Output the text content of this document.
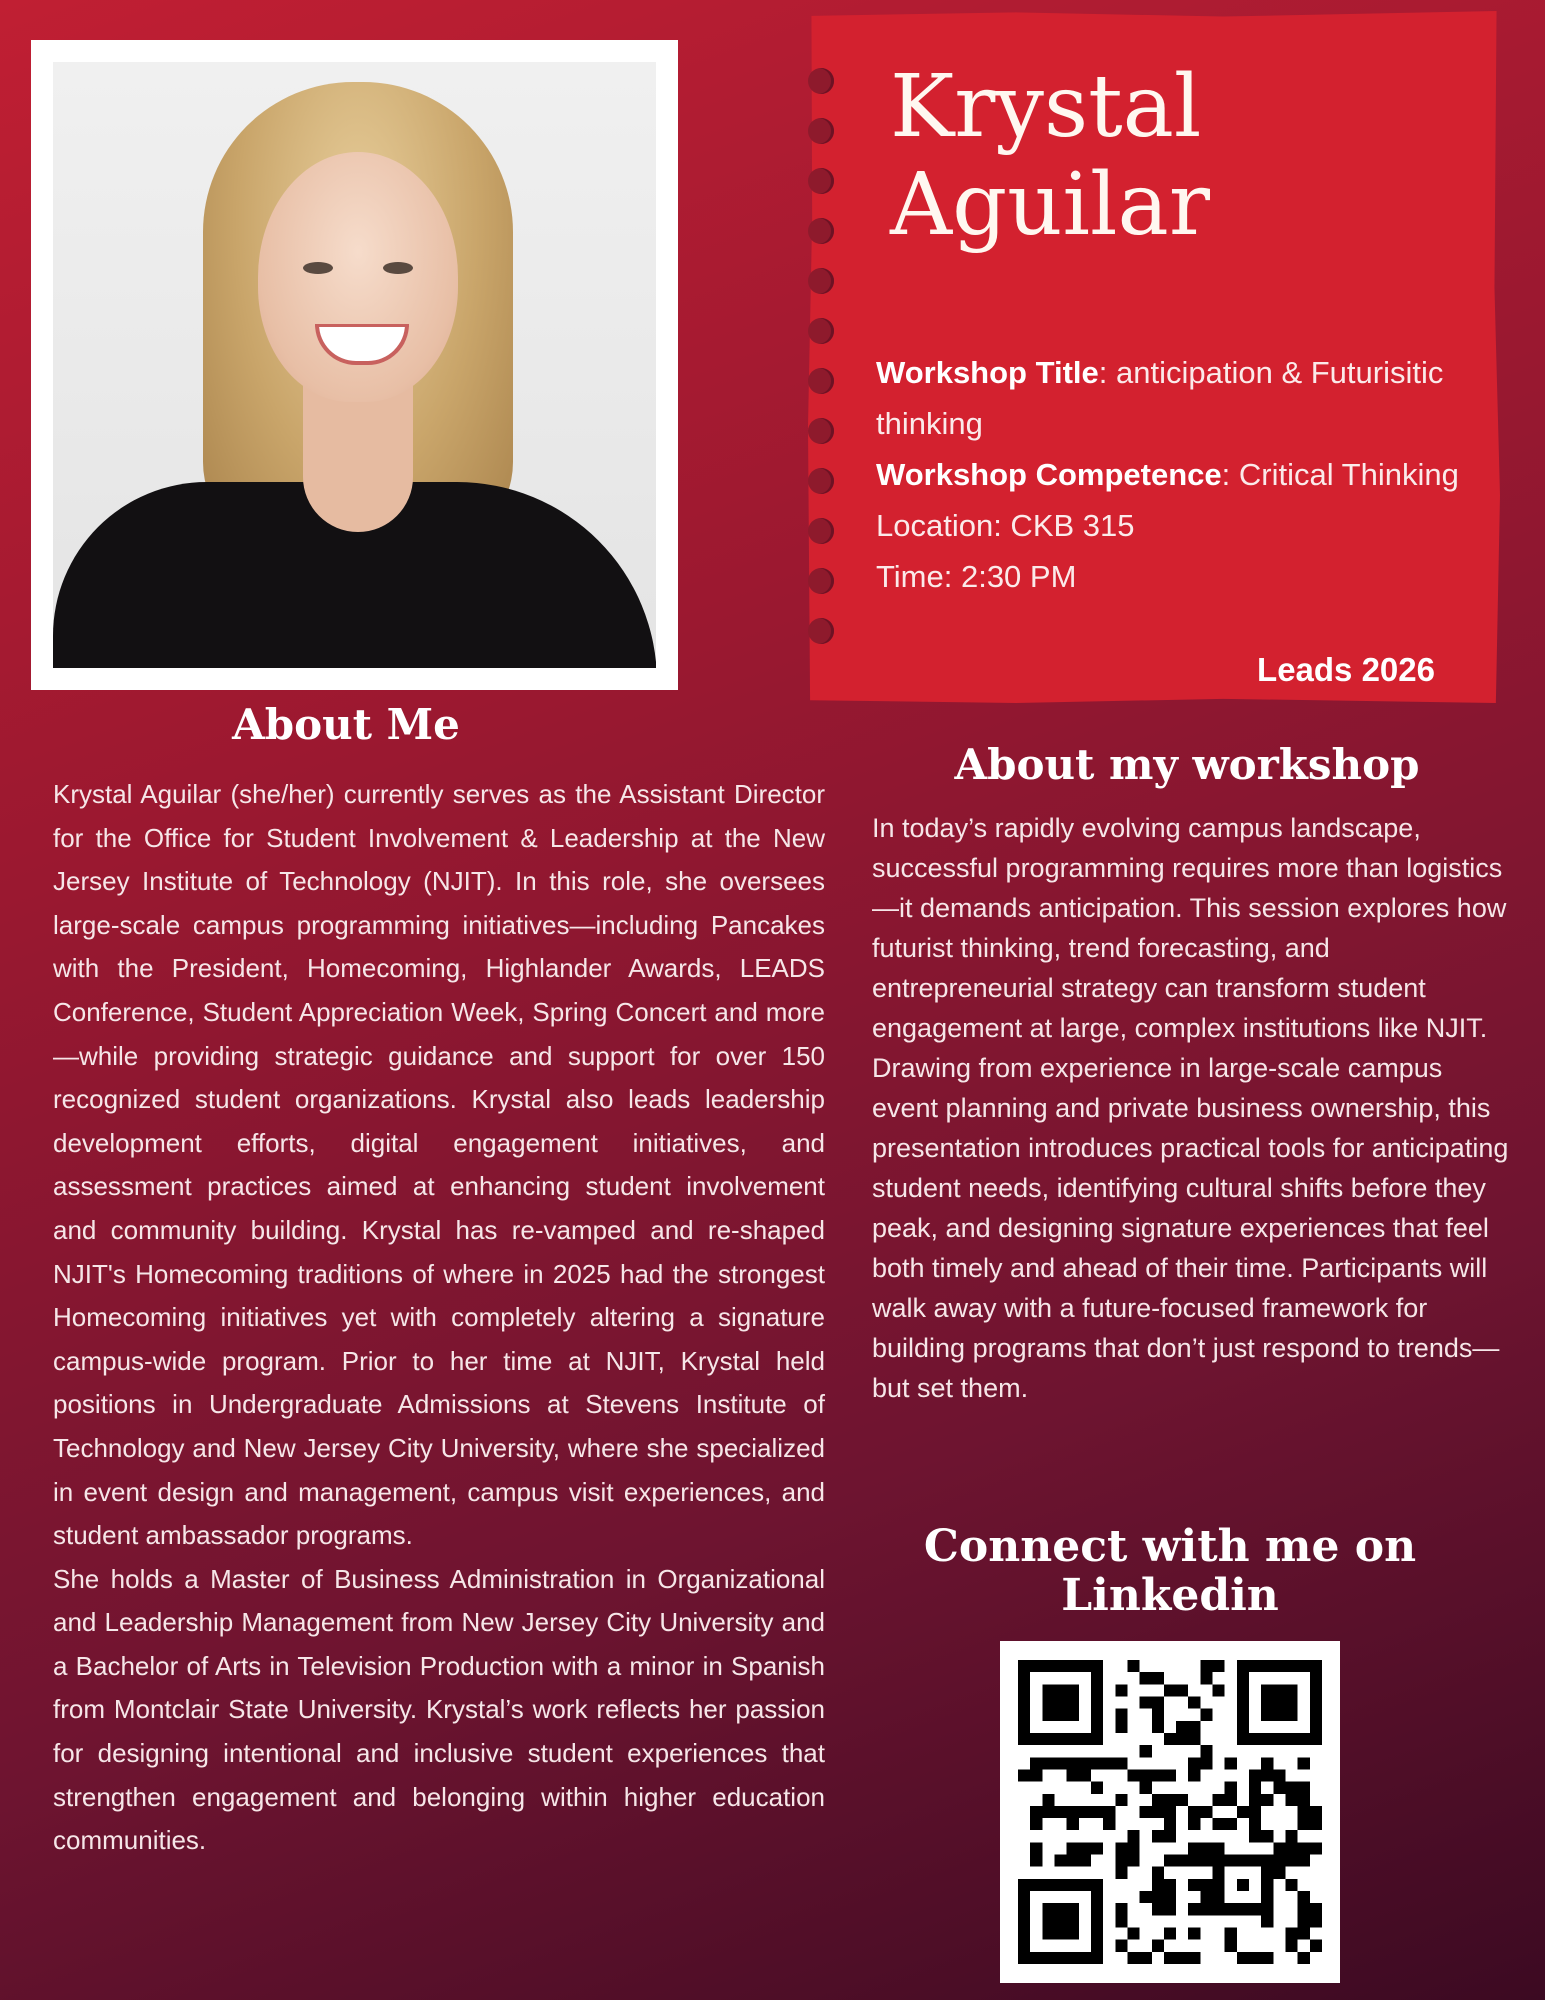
Krystal
Aguilar
Workshop Title: anticipation & Futurisitic thinking
Workshop Competence: Critical Thinking
Location: CKB 315
Time: 2:30 PM
Leads 2026
About Me

Krystal Aguilar (she/her) currently serves as the Assistant Director for the Office for Student Involvement & Leadership at the New Jersey Institute of Technology (NJIT). In this role, she oversees large-scale campus programming initiatives—including Pancakes with the President, Homecoming, Highlander Awards, LEADS Conference, Student Appreciation Week, Spring Concert and more—while providing strategic guidance and support for over 150 recognized student organizations. Krystal also leads leadership development efforts, digital engagement initiatives, and assessment practices aimed at enhancing student involvement and community building. Krystal has re-vamped and re-shaped NJIT's Homecoming traditions of where in 2025 had the strongest Homecoming initiatives yet with completely altering a signature campus-wide program. Prior to her time at NJIT, Krystal held positions in Undergraduate Admissions at Stevens Institute of Technology and New Jersey City University, where she specialized in event design and management, campus visit experiences, and student ambassador programs.

She holds a Master of Business Administration in Organizational and Leadership Management from New Jersey City University and a Bachelor of Arts in Television Production with a minor in Spanish from Montclair State University. Krystal’s work reflects her passion for designing intentional and inclusive student experiences that strengthen engagement and belonging within higher education communities.

About my workshop
In today’s rapidly evolving campus landscape, successful programming requires more than logistics—it demands anticipation. This session explores how futurist thinking, trend forecasting, and entrepreneurial strategy can transform student engagement at large, complex institutions like NJIT. Drawing from experience in large-scale campus event planning and private business ownership, this presentation introduces practical tools for anticipating student needs, identifying cultural shifts before they peak, and designing signature experiences that feel both timely and ahead of their time. Participants will walk away with a future-focused framework for building programs that don’t just respond to trends—but set them.
Connect with me on Linkedin
